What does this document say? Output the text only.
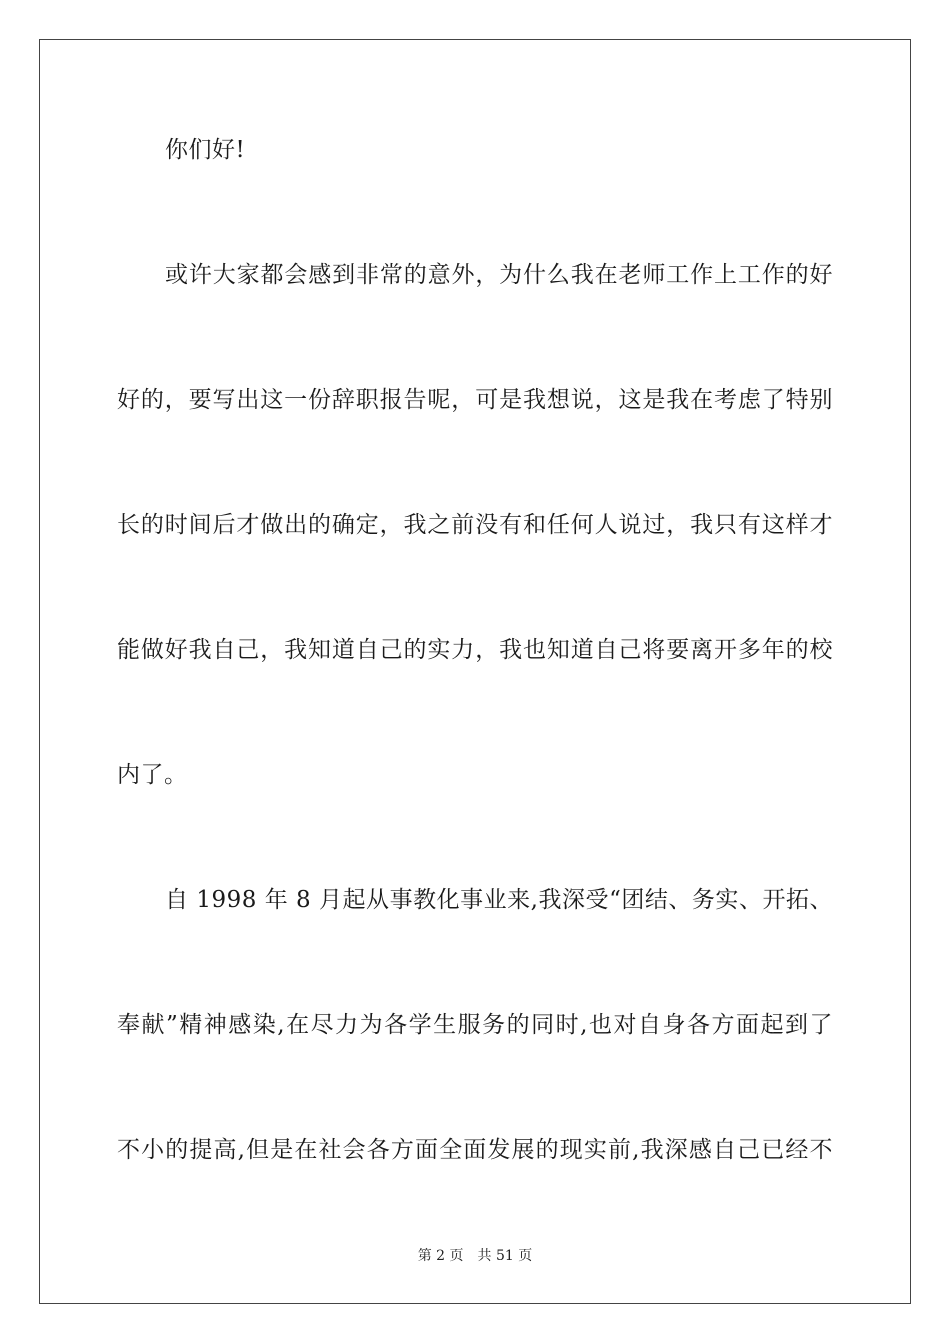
你们好!
或许大家都会感到非常的意外，为什么我在老师工作上工作的好
好的，要写出这一份辞职报告呢，可是我想说，这是我在考虑了特别
长的时间后才做出的确定，我之前没有和任何人说过，我只有这样才
能做好我自己，我知道自己的实力，我也知道自己将要离开多年的校
内了。
自 1998 年 8 月起从事教化事业来,我深受“团结、务实、开拓、
奉献”精神感染,在尽力为各学生服务的同时,也对自身各方面起到了
不小的提高,但是在社会各方面全面发展的现实前,我深感自己已经不
第 2 页 共 51 页
